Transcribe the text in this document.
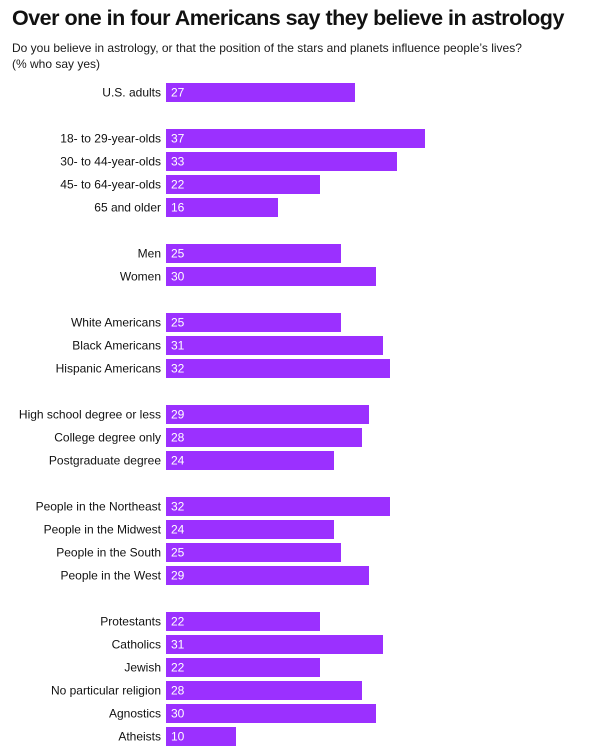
Over one in four Americans say they believe in astrology
Do you believe in astrology, or that the position of the stars and planets influence people’s lives?
(% who say yes)
U.S. adults 27
18- to 29-year-olds 37
30- to 44-year-olds 33
45- to 64-year-olds 22
65 and older 16
Men 25
Women 30
White Americans 25
Black Americans 31
Hispanic Americans 32
High school degree or less 29
College degree only 28
Postgraduate degree 24
People in the Northeast 32
People in the Midwest 24
People in the South 25
People in the West 29
Protestants 22
Catholics 31
Jewish 22
No particular religion 28
Agnostics 30
Atheists 10
